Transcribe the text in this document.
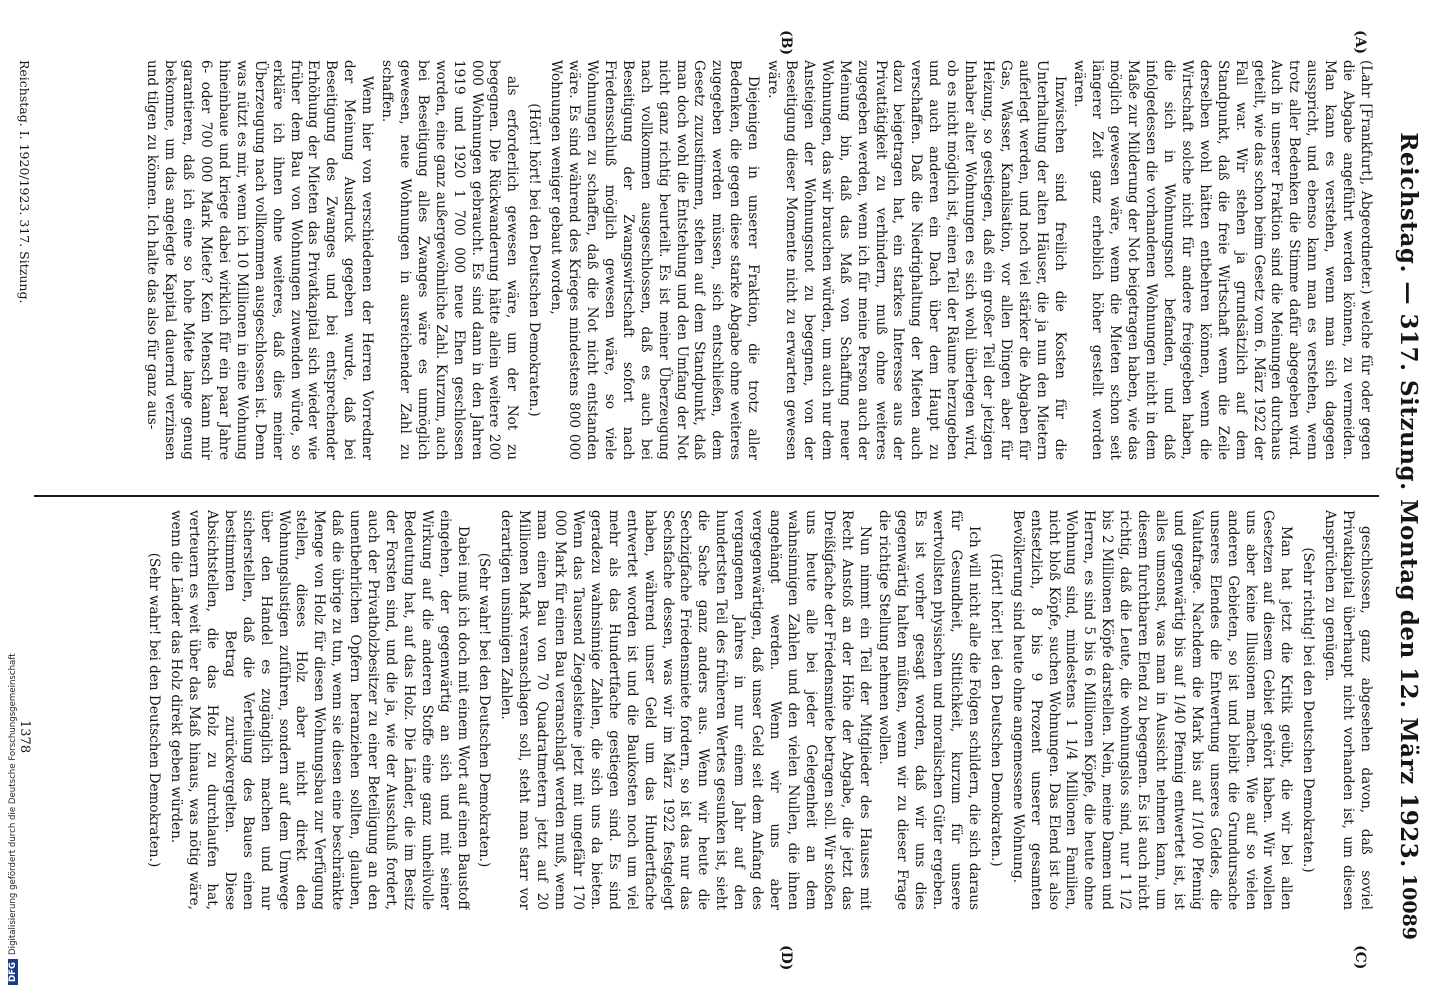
Reichstag. — 317. Sitzung. Montag den 12. März 1923.
10089
(A)
(B)
(C)
(D)

(Lahr [Frankfurt], Abgeordneter.) welche für oder gegen die Abgabe angeführt werden können, zu vermeiden. Man kann es verstehen, wenn man sich dagegen ausspricht, und ebenso kann man es verstehen, wenn trotz aller Bedenken die Stimme dafür abgegeben wird. Auch in unserer Fraktion sind die Meinungen durchaus geteilt, wie das schon beim Gesetz vom 6. März 1922 der Fall war. Wir stehen ja grundsätzlich auf dem Standpunkt, daß die freie Wirtschaft wenn die Zeile derselben wohl hätten entbehren können, wenn die Wirtschaft solche nicht für andere freigegeben haben, die sich in Wohnungsnot befanden, und daß infolgedessen die vorhandenen Wohnungen nicht in dem Maße zur Milderung der Not beigetragen haben, wie das möglich gewesen wäre, wenn die Mieten schon seit längerer Zeit ganz erheblich höher gestellt worden wären.

Inzwischen sind freilich die Kosten für die Unterhaltung der alten Häuser, die ja nun den Mietern auferlegt werden, und noch viel stärker die Abgaben für Gas, Wasser, Kanalisation, vor allen Dingen aber für Heizung, so gestiegen, daß ein großer Teil der jetzigen Inhaber alter Wohnungen es sich wohl überlegen wird, ob es nicht möglich ist, einen Teil der Räume herzugeben und auch anderen ein Dach über dem Haupt zu verschaffen. Daß die Niedrighaltung der Mieten auch dazu beigetragen hat, ein starkes Interesse aus der Privattätigkeit zu verhindern, muß ohne weiteres zugegeben werden, wenn ich für meine Person auch der Meinung bin, daß das Maß von Schaffung neuer Wohnungen, das wir brauchen würden, um auch nur dem Ansteigen der Wohnungsnot zu begegnen, von der Beseitigung dieser Momente nicht zu erwarten gewesen wäre.

Diejenigen in unserer Fraktion, die trotz aller Bedenken, die gegen diese starke Abgabe ohne weiteres zugegeben werden müssen, sich entschließen, dem Gesetz zuzustimmen, stehen auf dem Standpunkt, daß man doch wohl die Entstehung und den Umfang der Not nicht ganz richtig beurteilt. Es ist meiner Überzeugung nach vollkommen ausgeschlossen, daß es auch bei Beseitigung der Zwangswirtschaft sofort nach Friedensschluß möglich gewesen wäre, so viele Wohnungen zu schaffen, daß die Not nicht entstanden wäre. Es sind während des Krieges mindestens 800 000 Wohnungen weniger gebaut worden,

(Hört! hört! bei den Deutschen Demokraten.)

als erforderlich gewesen wäre, um der Not zu begegnen. Die Rückwanderung hätte allein weitere 200 000 Wohnungen gebraucht. Es sind dann in den Jahren 1919 und 1920 1 700 000 neue Ehen geschlossen worden, eine ganz außergewöhnliche Zahl. Kurzum, auch bei Beseitigung alles Zwanges wäre es unmöglich gewesen, neue Wohnungen in ausreichender Zahl zu schaffen.

Wenn hier von verschiedenen der Herren Vorredner der Meinung Ausdruck gegeben wurde, daß bei Beseitigung des Zwanges und bei entsprechender Erhöhung der Mieten das Privatkapital sich wieder wie früher dem Bau von Wohnungen zuwenden würde, so erkläre ich ihnen ohne weiteres, daß dies meiner Überzeugung nach vollkommen ausgeschlossen ist. Denn was nützt es mir, wenn ich 10 Millionen in eine Wohnung hineinbaue und kriege dabei wirklich für ein paar Jahre 6- oder 700 000 Mark Miete? Kein Mensch kann mir garantieren, daß ich eine so hohe Miete lange genug bekomme, um das angelegte Kapital dauernd verzinsen und tilgen zu können. Ich halte das also für ganz aus-

geschlossen, ganz abgesehen davon, daß soviel Privatkapital überhaupt nicht vorhanden ist, um diesen Ansprüchen zu genügen.

(Sehr richtig! bei den Deutschen Demokraten.)

Man hat jetzt die Kritik geübt, die wir bei allen Gesetzen auf diesem Gebiet gehört haben. Wir wollen uns aber keine Illusionen machen. Wie auf so vielen anderen Gebieten, so ist und bleibt die Grundursache unseres Elendes die Entwertung unseres Geldes, die Valutafrage. Nachdem die Mark bis auf 1/100 Pfennig und gegenwärtig bis auf 1/40 Pfennig entwertet ist, ist alles umsonst, was man in Aussicht nehmen kann, um diesem furchtbaren Elend zu begegnen. Es ist auch nicht richtig, daß die Leute, die wohnungslos sind, nur 1 1/2 bis 2 Millionen Köpfe darstellen. Nein, meine Damen und Herren, es sind 5 bis 6 Millionen Köpfe, die heute ohne Wohnung sind, mindestens 1 1/4 Millionen Familien, nicht bloß Köpfe, suchen Wohnungen. Das Elend ist also entsetzlich, 8 bis 9 Prozent unserer gesamten Bevölkerung sind heute ohne angemessene Wohnung.

(Hört! hört! bei den Deutschen Demokraten.)

Ich will nicht alle die Folgen schildern, die sich daraus für Gesundheit, Sittlichkeit, kurzum für unsere wertvollsten physischen und moralischen Güter ergeben. Es ist vorher gesagt worden, daß wir uns dies gegenwärtig halten müßten, wenn wir zu dieser Frage die richtige Stellung nehmen wollen.

Nun nimmt ein Teil der Mitglieder des Hauses mit Recht Anstoß an der Höhe der Abgabe, die jetzt das Dreißigfache der Friedensmiete betragen soll. Wir stoßen uns heute alle bei jeder Gelegenheit an dem wahnsinnigen Zahlen und den vielen Nullen, die ihnen angehängt werden. Wenn wir uns aber vergegenwärtigen, daß unser Geld seit dem Anfang des vergangenen Jahres in nur einem Jahr auf den hundertsten Teil des früheren Wertes gesunken ist, sieht die Sache ganz anders aus. Wenn wir heute die Sechzigfache Friedensmiete fordern, so ist das nur das Sechsfache dessen, was wir im März 1922 festgelegt haben, während unser Geld um das Hundertfache entwertet worden ist und die Baukosten noch um viel mehr als das Hundertfache gestiegen sind. Es sind geradezu wahnsinnige Zahlen, die sich uns da bieten. Wenn das Tausend Ziegelsteine jetzt mit ungefähr 170 000 Mark für einen Bau veranschlagt werden muß, wenn man einen Bau von 70 Quadratmetern jetzt auf 20 Millionen Mark veranschlagen soll, steht man starr vor derartigen unsinnigen Zahlen.

(Sehr wahr! bei den Deutschen Demokraten.)

Dabei muß ich doch mit einem Wort auf einen Baustoff eingehen, der gegenwärtig an sich und mit seiner Wirkung auf die anderen Stoffe eine ganz unheilvolle Bedeutung hat, auf das Holz. Die Länder, die im Besitz der Forsten sind, und die ja, wie der Ausschuß fordert, auch der Privatholzbesitzer zu einer Beteiligung an den unentbehrlichen Opfern heranziehen sollten, glauben, daß die übrige zu tun, wenn sie diesen eine beschränkte Menge von Holz für diesen Wohnungsbau zur Verfügung stellen, dieses Holz aber nicht direkt den Wohnungslustigen zuführen, sondern auf dem Umwege über den Handel es zugänglich machen und nur sicherstellen, daß die Verteilung des Baues einen bestimmten Betrag zurückvergelten. Diese Absichtstellen, die das Holz zu durchlaufen hat, verteuern es weit über das Maß hinaus, was nötig wäre, wenn die Länder das Holz direkt geben würden.

(Sehr wahr! bei den Deutschen Demokraten.)

Reichstag. I. 1920/1923. 317. Sitzung.
1378
DFGDigitalisierung gefördert durch die Deutsche Forschungsgemeinschaft
